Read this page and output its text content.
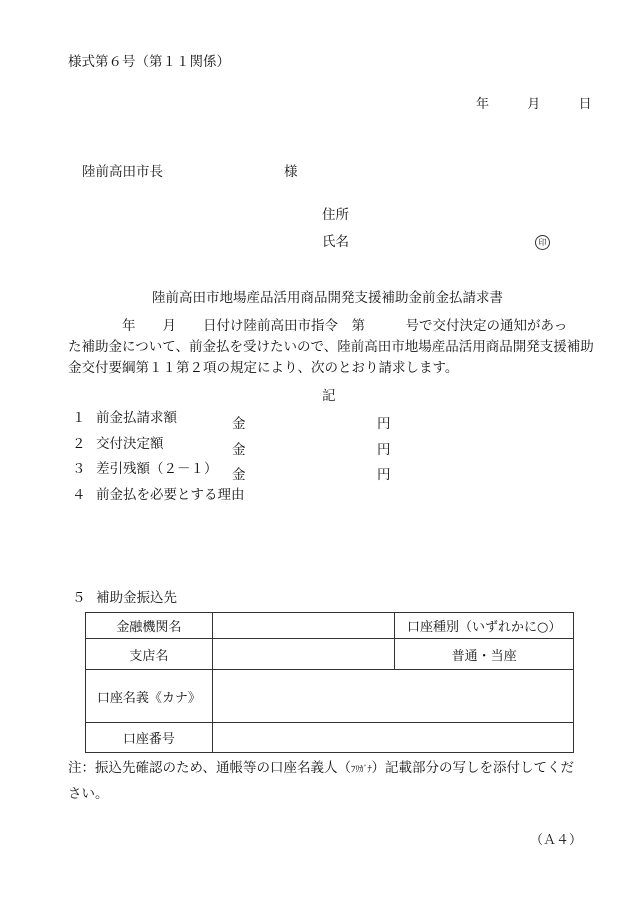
様式第６号（第１１関係）
年	月	日
陸前高田市長	様
住所
氏名	印
陸前高田市地場産品活用商品開発支援補助金前金払請求書
　　　　年　　月　　日付け陸前高田市指令　第　　　号で交付決定の通知があっ
た補助金について、前金払を受けたいので、陸前高田市地場産品活用商品開発支援補助
金交付要綱第１１第２項の規定により、次のとおり請求します。
記
１ 前金払請求額	金	円
２ 交付決定額	金	円
３ 差引残額（２－１） 金	円
４ 前金払を必要とする理由
５ 補助金振込先
金融機関名		口座種別（いずれかに○）
支店名		普通・当座
口座名義《カナ》		
口座番号		
注：振込先確認のため、通帳等の口座名義人（ﾌﾘｶﾞﾅ）記載部分の写しを添付してくだ
さい。
（Ａ４）
